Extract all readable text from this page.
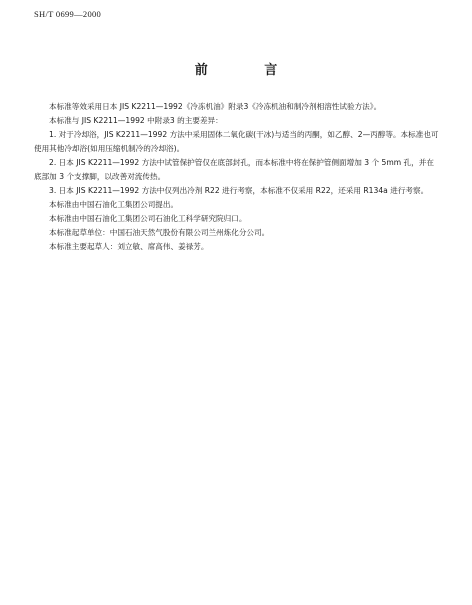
SH/T 0699—2000
前 言

本标准等效采用日本 JIS K2211—1992《冷冻机油》附录3《冷冻机油和制冷剂相溶性试验方法》。

本标准与 JIS K2211—1992 中附录3 的主要差异：

1. 对于冷却浴，JIS K2211—1992 方法中采用固体二氧化碳(干冰)与适当的丙酮，如乙醇、2—丙醇等。本标准也可使用其他冷却浴(如用压缩机制冷的冷却浴)。

2. 日本 JIS K2211—1992 方法中试管保护管仅在底部封孔，而本标准中将在保护管侧面增加 3 个 5mm 孔，并在底部加 3 个支撑脚，以改善对流传热。

3. 日本 JIS K2211—1992 方法中仅列出冷剂 R22 进行考察，本标准不仅采用 R22，还采用 R134a 进行考察。

本标准由中国石油化工集团公司提出。

本标准由中国石油化工集团公司石油化工科学研究院归口。

本标准起草单位：中国石油天然气股份有限公司兰州炼化分公司。

本标准主要起草人：刘立敏、席高伟、姜禄芳。
